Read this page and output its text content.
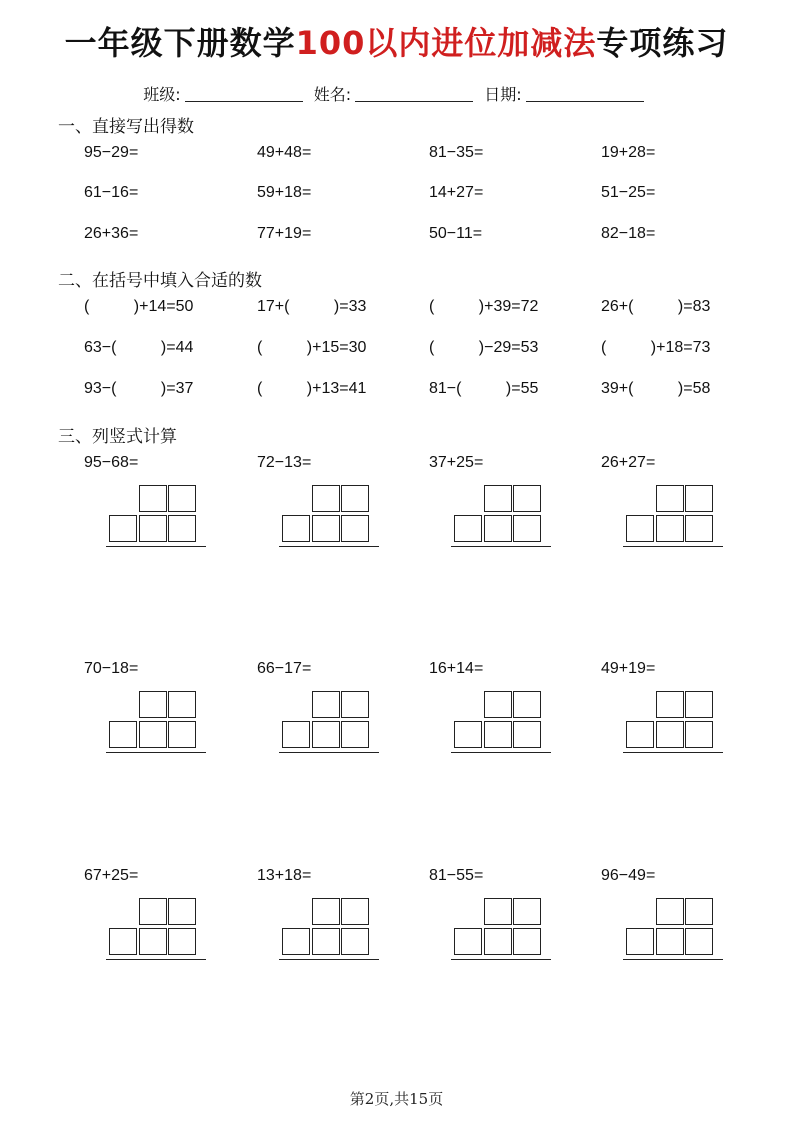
一年级下册数学100以内进位加减法专项练习
班级:	姓名:	日期:
一、直接写出得数
95−29=	49+48=	81−35=	19+28=
61−16=	59+18=	14+27=	51−25=
26+36=	77+19=	50−11=	82−18=
二、在括号中填入合适的数
(          )+14=50	17+(          )=33	(          )+39=72	26+(          )=83
63−(          )=44	(          )+15=30	(          )−29=53	(          )+18=73
93−(          )=37	(          )+13=41	81−(          )=55	39+(          )=58
三、列竖式计算
95−68=	72−13=	37+25=	26+27=
70−18=	66−17=	16+14=	49+19=
67+25=	13+18=	81−55=	96−49=
第2页,共15页
